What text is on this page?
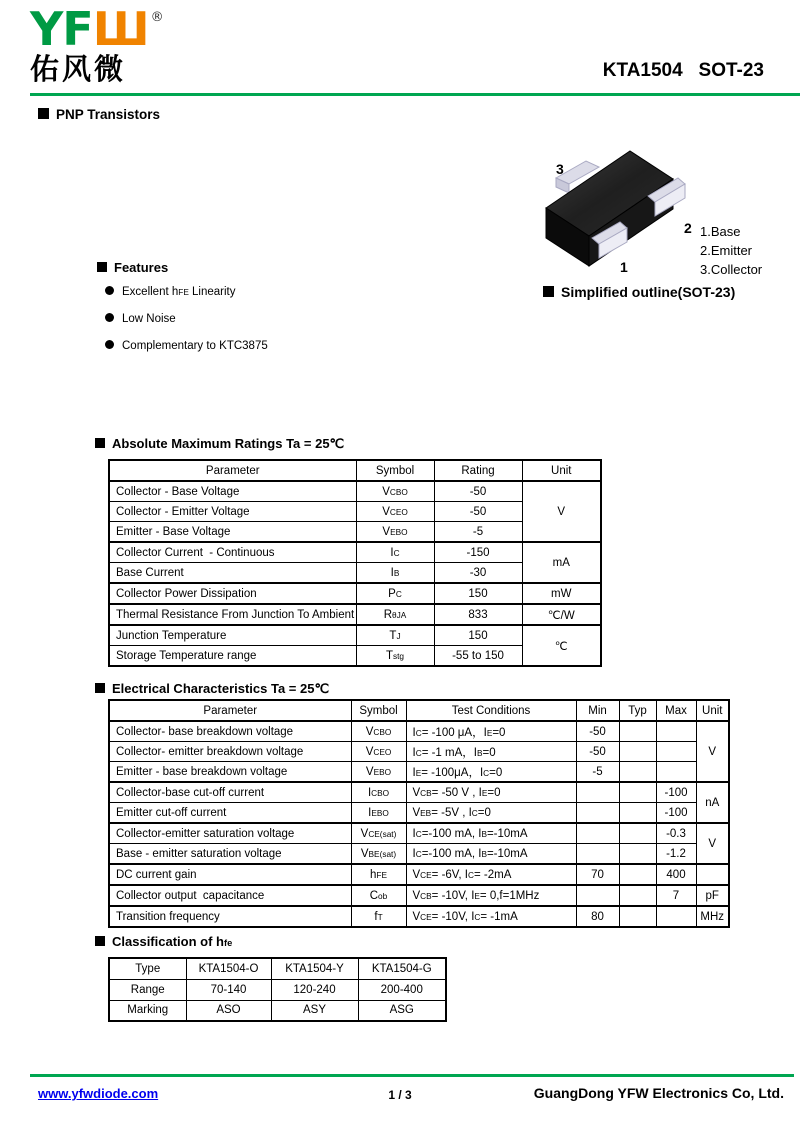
YFШ ®
佑风微	KTA1504   SOT-23
PNP Transistors
Features
Excellent hFE Linearity
Low Noise
Complementary to KTC3875
3
2
1
1.Base
2.Emitter
3.Collector
Simplified outline(SOT-23)
Absolute Maximum Ratings Ta = 25℃
Parameter	Symbol	Rating	Unit
Collector - Base Voltage	VCBO	-50	V
Collector - Emitter Voltage	VCEO	-50	
Emitter - Base Voltage	VEBO	-5	
Collector Current  - Continuous	IC	-150	mA
Base Current	IB	-30	
Collector Power Dissipation	PC	150	mW
Thermal Resistance From Junction To Ambient	RθJA	833	℃/W
Junction Temperature	TJ	150	℃
Storage Temperature range	Tstg	-55 to 150	
Electrical Characteristics Ta = 25℃
Parameter	Symbol	Test Conditions	Min	Typ	Max	Unit
Collector- base breakdown voltage	VCBO	IC= -100 μA，IE=0	-50			V
Collector- emitter breakdown voltage	VCEO	IC= -1 mA，IB=0	-50			
Emitter - base breakdown voltage	VEBO	IE= -100μA，IC=0	-5			
Collector-base cut-off current	ICBO	VCB= -50 V , IE=0			-100	nA
Emitter cut-off current	IEBO	VEB= -5V , IC=0			-100	
Collector-emitter saturation voltage	VCE(sat)	IC=-100 mA, IB=-10mA			-0.3	V
Base - emitter saturation voltage	VBE(sat)	IC=-100 mA, IB=-10mA			-1.2	
DC current gain	hFE	VCE= -6V, IC= -2mA	70		400	
Collector output  capacitance	Cob	VCB= -10V, IE= 0,f=1MHz			7	pF
Transition frequency	fT	VCE= -10V, IC= -1mA	80			MHz
Classification of hfe
Type	KTA1504-O	KTA1504-Y	KTA1504-G
Range	70-140	120-240	200-400
Marking	ASO	ASY	ASG
www.yfwdiode.com	1 / 3	GuangDong YFW Electronics Co, Ltd.
